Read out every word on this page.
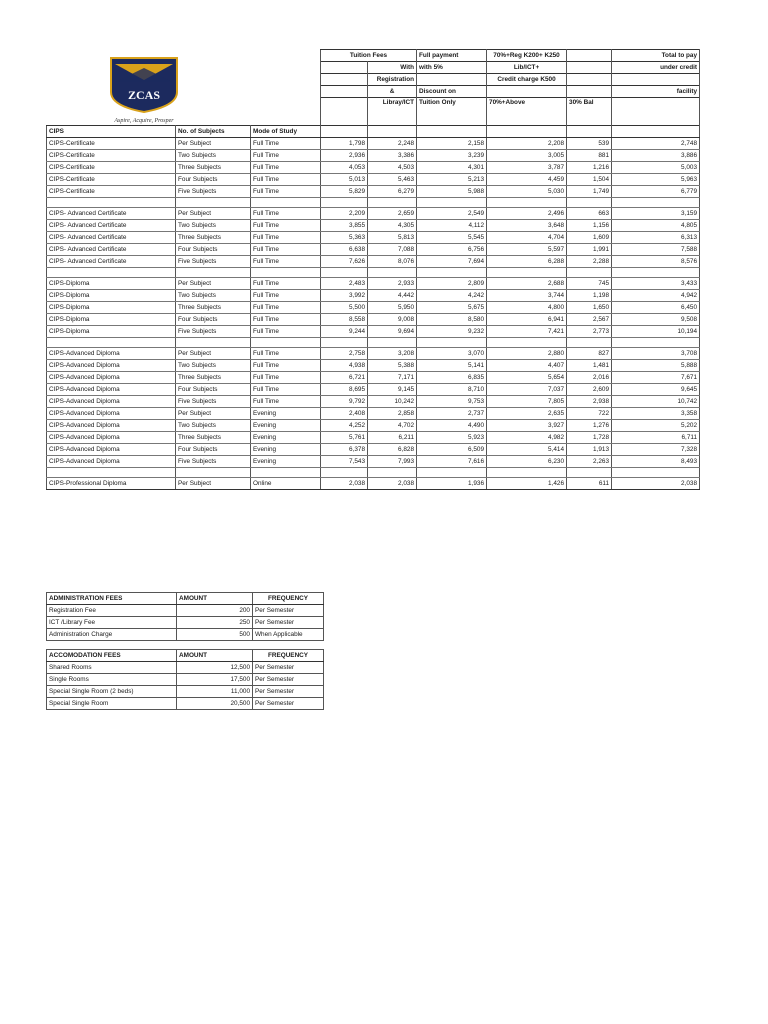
ZCAS
Aspire, Acquire, Prosper
			Tuition Fees		Full payment	70%+Reg K200+ K250		Total to pay
				With	with 5%	Lib/ICT+		under credit
				Registration		Credit charge K500		
				&	Discount on			facility
				Libray/ICT	Tuition Only	70%+Above	30% Bal	
CIPS	No. of Subjects	Mode of Study						
CIPS-Certificate	Per Subject	Full Time	1,798	2,248	2,158	2,208	539	2,748
CIPS-Certificate	Two Subjects	Full Time	2,936	3,386	3,239	3,005	881	3,886
CIPS-Certificate	Three Subjects	Full Time	4,053	4,503	4,301	3,787	1,216	5,003
CIPS-Certificate	Four Subjects	Full Time	5,013	5,463	5,213	4,459	1,504	5,963
CIPS-Certificate	Five Subjects	Full Time	5,829	6,279	5,988	5,030	1,749	6,779

CIPS- Advanced Certificate	Per Subject	Full Time	2,209	2,659	2,549	2,496	663	3,159
CIPS- Advanced Certificate	Two Subjects	Full Time	3,855	4,305	4,112	3,648	1,156	4,805
CIPS- Advanced Certificate	Three Subjects	Full Time	5,363	5,813	5,545	4,704	1,609	6,313
CIPS- Advanced Certificate	Four Subjects	Full Time	6,638	7,088	6,756	5,597	1,991	7,588
CIPS- Advanced Certificate	Five Subjects	Full Time	7,626	8,076	7,694	6,288	2,288	8,576

CIPS-Diploma	Per Subject	Full Time	2,483	2,933	2,809	2,688	745	3,433
CIPS-Diploma	Two Subjects	Full Time	3,992	4,442	4,242	3,744	1,198	4,942
CIPS-Diploma	Three Subjects	Full Time	5,500	5,950	5,675	4,800	1,650	6,450
CIPS-Diploma	Four Subjects	Full Time	8,558	9,008	8,580	6,941	2,567	9,508
CIPS-Diploma	Five Subjects	Full Time	9,244	9,694	9,232	7,421	2,773	10,194

CIPS-Advanced Diploma	Per Subject	Full Time	2,758	3,208	3,070	2,880	827	3,708
CIPS-Advanced Diploma	Two Subjects	Full Time	4,938	5,388	5,141	4,407	1,481	5,888
CIPS-Advanced Diploma	Three Subjects	Full Time	6,721	7,171	6,835	5,654	2,016	7,671
CIPS-Advanced Diploma	Four Subjects	Full Time	8,695	9,145	8,710	7,037	2,609	9,645
CIPS-Advanced Diploma	Five Subjects	Full Time	9,792	10,242	9,753	7,805	2,938	10,742
CIPS-Advanced Diploma	Per Subject	Evening	2,408	2,858	2,737	2,635	722	3,358
CIPS-Advanced Diploma	Two Subjects	Evening	4,252	4,702	4,490	3,927	1,276	5,202
CIPS-Advanced Diploma	Three Subjects	Evening	5,761	6,211	5,923	4,982	1,728	6,711
CIPS-Advanced Diploma	Four Subjects	Evening	6,378	6,828	6,509	5,414	1,913	7,328
CIPS-Advanced Diploma	Five Subjects	Evening	7,543	7,993	7,616	6,230	2,263	8,493

CIPS-Professional Diploma	Per Subject	Online	2,038	2,038	1,936	1,426	611	2,038
ADMINISTRATION FEES	AMOUNT	FREQUENCY
Registration Fee	200	Per Semester
ICT /Library Fee	250	Per Semester
Administration Charge	500	When Applicable
ACCOMODATION FEES	AMOUNT	FREQUENCY
Shared Rooms	12,500	Per Semester
Single Rooms	17,500	Per Semester
Special Single Room (2 beds)	11,000	Per Semester
Special Single Room	20,500	Per Semester
